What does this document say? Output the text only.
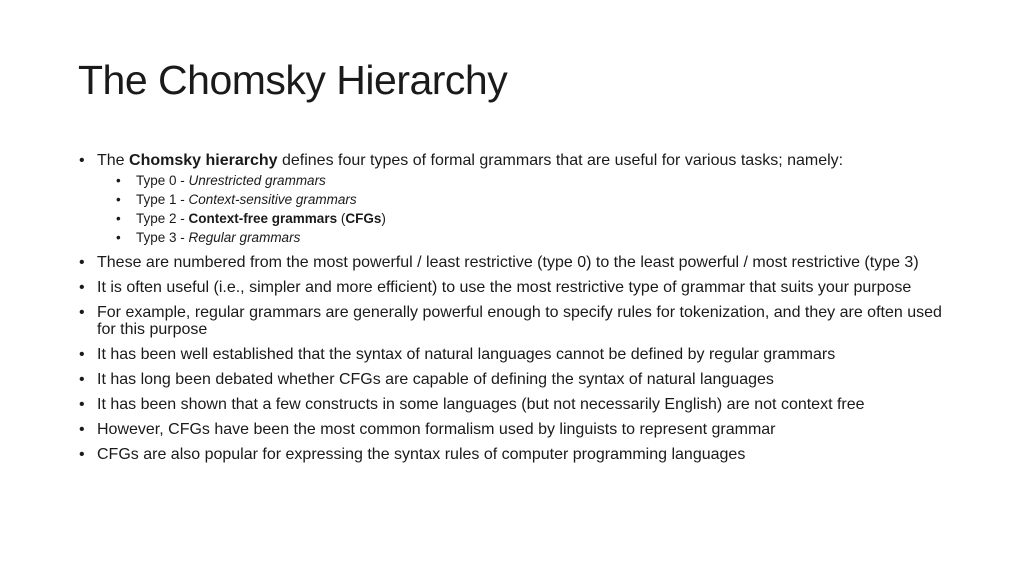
The Chomsky Hierarchy
• The Chomsky hierarchy defines four types of formal grammars that are useful for various tasks; namely:
• Type 0 - Unrestricted grammars
• Type 1 - Context-sensitive grammars
• Type 2 - Context-free grammars (CFGs)
• Type 3 - Regular grammars
• These are numbered from the most powerful / least restrictive (type 0) to the least powerful / most restrictive (type 3)
• It is often useful (i.e., simpler and more efficient) to use the most restrictive type of grammar that suits your purpose
• For example, regular grammars are generally powerful enough to specify rules for tokenization, and they are often used for this purpose
• It has been well established that the syntax of natural languages cannot be defined by regular grammars
• It has long been debated whether CFGs are capable of defining the syntax of natural languages
• It has been shown that a few constructs in some languages (but not necessarily English) are not context free
• However, CFGs have been the most common formalism used by linguists to represent grammar
• CFGs are also popular for expressing the syntax rules of computer programming languages
